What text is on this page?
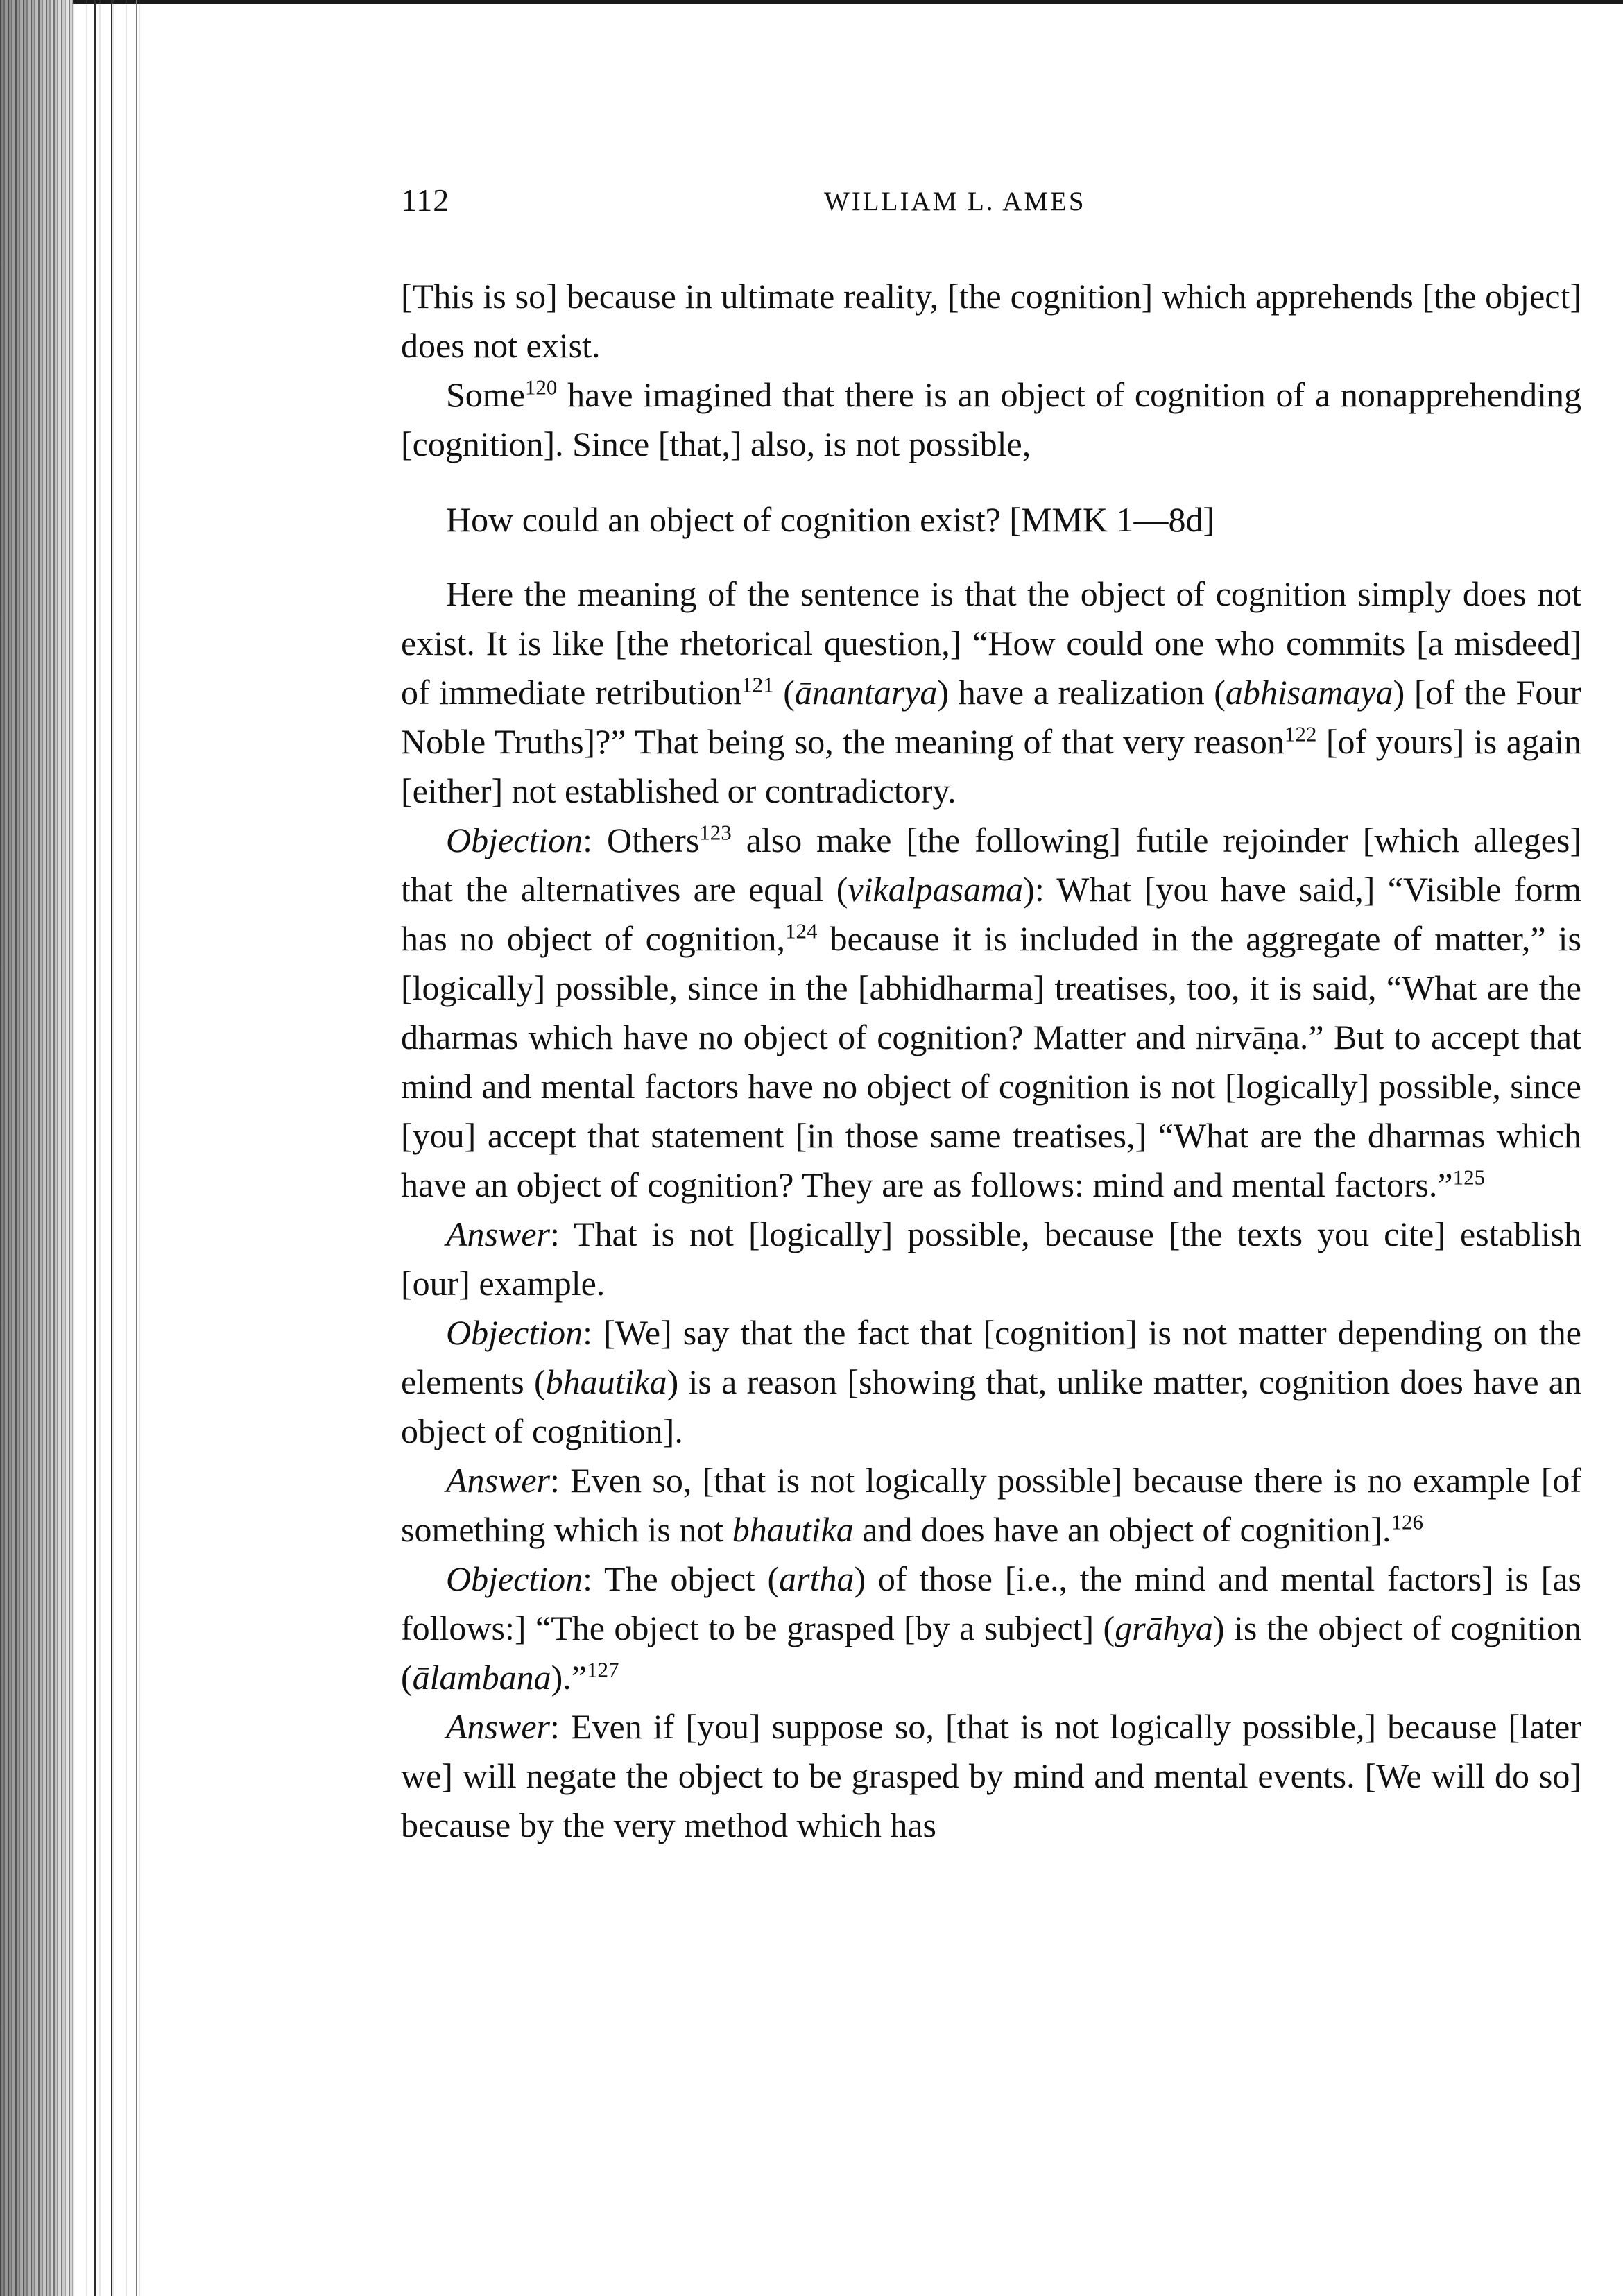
112	WILLIAM L. AMES

[This is so] because in ultimate reality, [the cognition] which apprehends [the object] does not exist.

Some$^{120}$ have imagined that there is an object of cognition of a nonapprehending [cognition]. Since [that,] also, is not possible,

How could an object of cognition exist? [MMK 1—8d]

Here the meaning of the sentence is that the object of cognition simply does not exist. It is like [the rhetorical question,] “How could one who commits [a misdeed] of immediate retribution$^{121}$ (ānantarya) have a realization (abhisamaya) [of the Four Noble Truths]?” That being so, the meaning of that very reason$^{122}$ [of yours] is again [either] not established or contradictory.

Objection: Others$^{123}$ also make [the following] futile rejoinder [which alleges] that the alternatives are equal (vikalpasama): What [you have said,] “Visible form has no object of cognition,$^{124}$ because it is included in the aggregate of matter,” is [logically] possible, since in the [abhidharma] treatises, too, it is said, “What are the dharmas which have no object of cognition? Matter and nirvāṇa.” But to accept that mind and mental factors have no object of cognition is not [logically] possible, since [you] accept that statement [in those same treatises,] “What are the dharmas which have an object of cognition? They are as follows: mind and mental factors.”$^{125}$

Answer: That is not [logically] possible, because [the texts you cite] establish [our] example.

Objection: [We] say that the fact that [cognition] is not matter depending on the elements (bhautika) is a reason [showing that, unlike matter, cognition does have an object of cognition].

Answer: Even so, [that is not logically possible] because there is no example [of something which is not bhautika and does have an object of cognition].$^{126}$

Objection: The object (artha) of those [i.e., the mind and mental factors] is [as follows:] “The object to be grasped [by a subject] (grāhya) is the object of cognition (ālambana).”$^{127}$

Answer: Even if [you] suppose so, [that is not logically possible,] because [later we] will negate the object to be grasped by mind and mental events. [We will do so] because by the very method which has
